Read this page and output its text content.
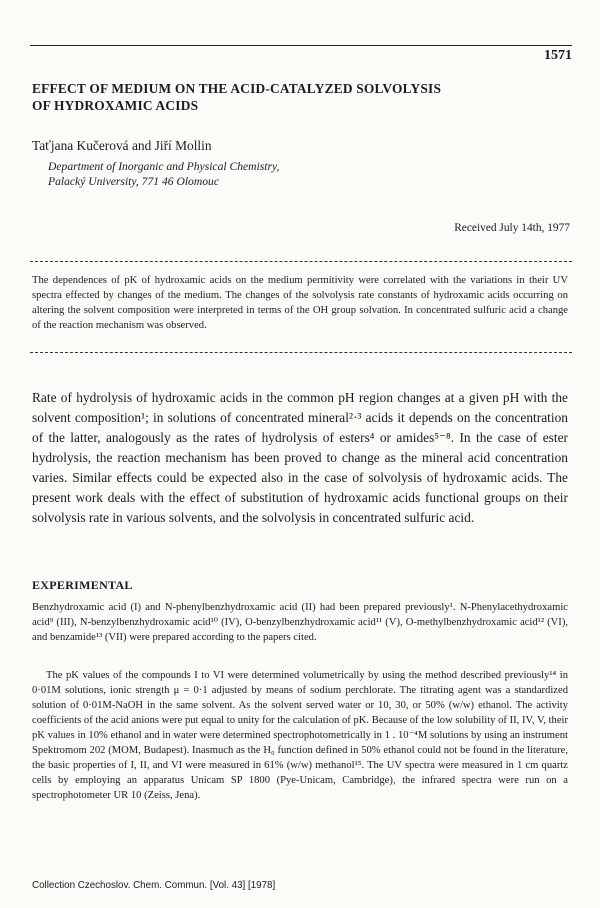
1571
EFFECT OF MEDIUM ON THE ACID-CATALYZED SOLVOLYSIS
OF HYDROXAMIC ACIDS
Taťjana Kučerová and Jiří Mollin
Department of Inorganic and Physical Chemistry,
Palacký University, 771 46 Olomouc
Received July 14th, 1977
The dependences of pK of hydroxamic acids on the medium permitivity were correlated with the variations in their UV spectra effected by changes of the medium. The changes of the solvolysis rate constants of hydroxamic acids occurring on altering the solvent composition were interpreted in terms of the OH group solvation. In concentrated sulfuric acid a change of the reaction mechanism was observed.
Rate of hydrolysis of hydroxamic acids in the common pH region changes at a given pH with the solvent composition¹; in solutions of concentrated mineral²·³ acids it depends on the concentration of the latter, analogously as the rates of hydrolysis of esters⁴ or amides⁵⁻⁸. In the case of ester hydrolysis, the reaction mechanism has been proved to change as the mineral acid concentration varies. Similar effects could be expected also in the case of solvolysis of hydroxamic acids. The present work deals with the effect of substitution of hydroxamic acids functional groups on their solvolysis rate in various solvents, and the solvolysis in concentrated sulfuric acid.
EXPERIMENTAL
Benzhydroxamic acid (I) and N-phenylbenzhydroxamic acid (II) had been prepared previously¹. N-Phenylacethydroxamic acid⁹ (III), N-benzylbenzhydroxamic acid¹⁰ (IV), O-benzylbenzhydroxamic acid¹¹ (V), O-methylbenzhydroxamic acid¹² (VI), and benzamide¹³ (VII) were prepared according to the papers cited.
The pK values of the compounds I to VI were determined volumetrically by using the method described previously¹⁴ in 0·01M solutions, ionic strength μ = 0·1 adjusted by means of sodium perchlorate. The titrating agent was a standardized solution of 0·01M-NaOH in the same solvent. As the solvent served water or 10, 30, or 50% (w/w) ethanol. The activity coefficients of the acid anions were put equal to unity for the calculation of pK. Because of the low solubility of II, IV, V, their pK values in 10% ethanol and in water were determined spectrophotometrically in 1 . 10⁻⁴M solutions by using an instrument Spektromom 202 (MOM, Budapest). Inasmuch as the H₀ function defined in 50% ethanol could not be found in the literature, the basic properties of I, II, and VI were measured in 61% (w/w) methanol¹⁵. The UV spectra were measured in 1 cm quartz cells by employing an apparatus Unicam SP 1800 (Pye-Unicam, Cambridge), the infrared spectra were run on a spectrophotometer UR 10 (Zeiss, Jena).
Collection Czechoslov. Chem. Commun. [Vol. 43] [1978]
